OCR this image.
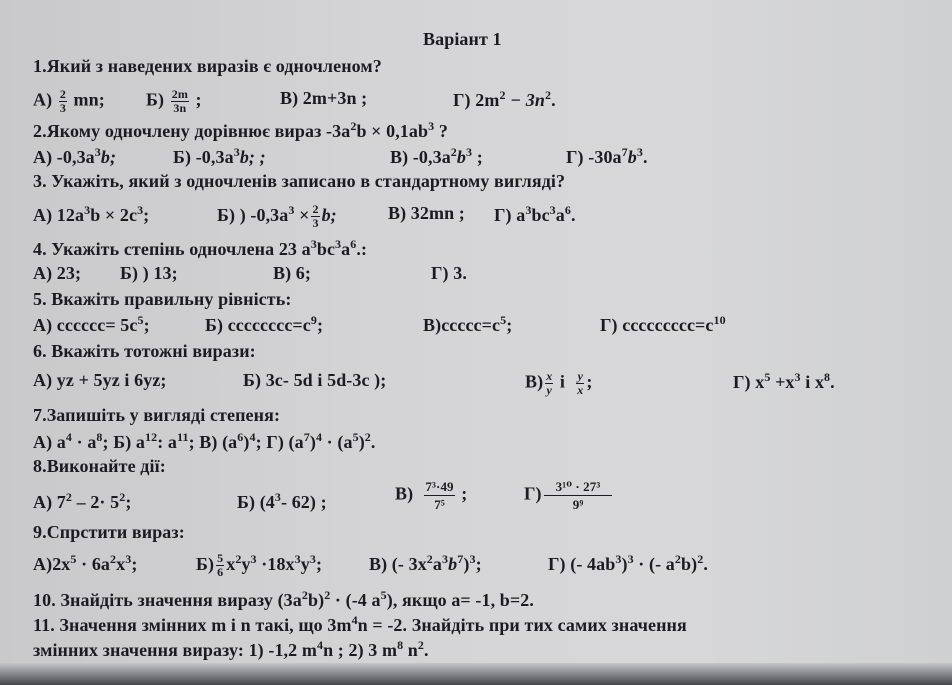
Варіант 1
1.Який з наведених виразів є одночленом?
$А) \frac{2}{3}$ mn; $Б) \frac{2m}{3n}$ ;	В) 2m+3n ;	Г) $2m^2 - 3n^2$.
2.Якому одночлену дорівнює вираз $-3a^2b \times 0,1ab^3$ ?
А) $-0,3a^3b$;	Б) $-0,3a^3b$; ;	В) $-0,3a^2b^3$ ;	Г) $-30a^7b^3$.
3. Укажіть, який з одночленів записано в стандартному вигляді?
А) $12a^3b \times 2c^3$;	Б) ) $-0,3a^3 \times \frac{2}{3} b$;	В) 32mn ; Г) $a^3bc^3a^6$.
4. Укажіть степінь одночлена 23 $a^3bc^3a^6$.:
А) 23; Б) ) 13;	В) 6;	Г) 3.
5. Вкажіть правильну рівність:
А) cccccc= $5c^5$;	Б) $cccccccc=c^9$;	$В)ccccc=c^5$;	Г) $ccccccccc=c^{10}$
6. Вкажіть тотожні вирази:
А) yz + 5yz і 6yz;	Б) 3c- 5d і 5d-3c );	$В) \frac{x}{y}$ і $\frac{y}{x}$ ;	Г) $x^5 +x^3$ і $x^8$.
7.Запишіть у вигляді степеня:
А) $a^4 \cdot a^8$; Б) $a^{12}$: $a^{11}$; В) $(a^6)^4$; Г) $(a^7)^4 \cdot (a^5)^2$.
8.Виконайте дії:
А) $7^2 - 2\cdot 5^2$;	Б) ($4^3-$ 62) ;	$В) \frac{\text{7³·49}}{\text{7⁵}}$ ;	$Г) \frac{\text{3¹⁰ · 27³}}{\text{9⁹}}$
9.Спрстити вираз:
$А)2x^5 \cdot 6a^2x^3$;	$Б) \frac{5}{6} x^2y^3 \cdot 18x^3y^3$;	В) (- $3x^2a^3b^7)^3$;	Г) (- $4ab^3)^3$ · (- $a^2b)^2$.
10. Знайдіть значення виразу $(3a^2b)^2 \cdot (-4$ $a^5$), якщо a= -1, b=2.
11. Значення змінних m і n такі, що $3m^4n = -2$. Знайдіть при тих самих значення
змінних значення виразу: 1) -1,2 $m^4n$ ; 2) 3 $m^8$ $n^2$.
